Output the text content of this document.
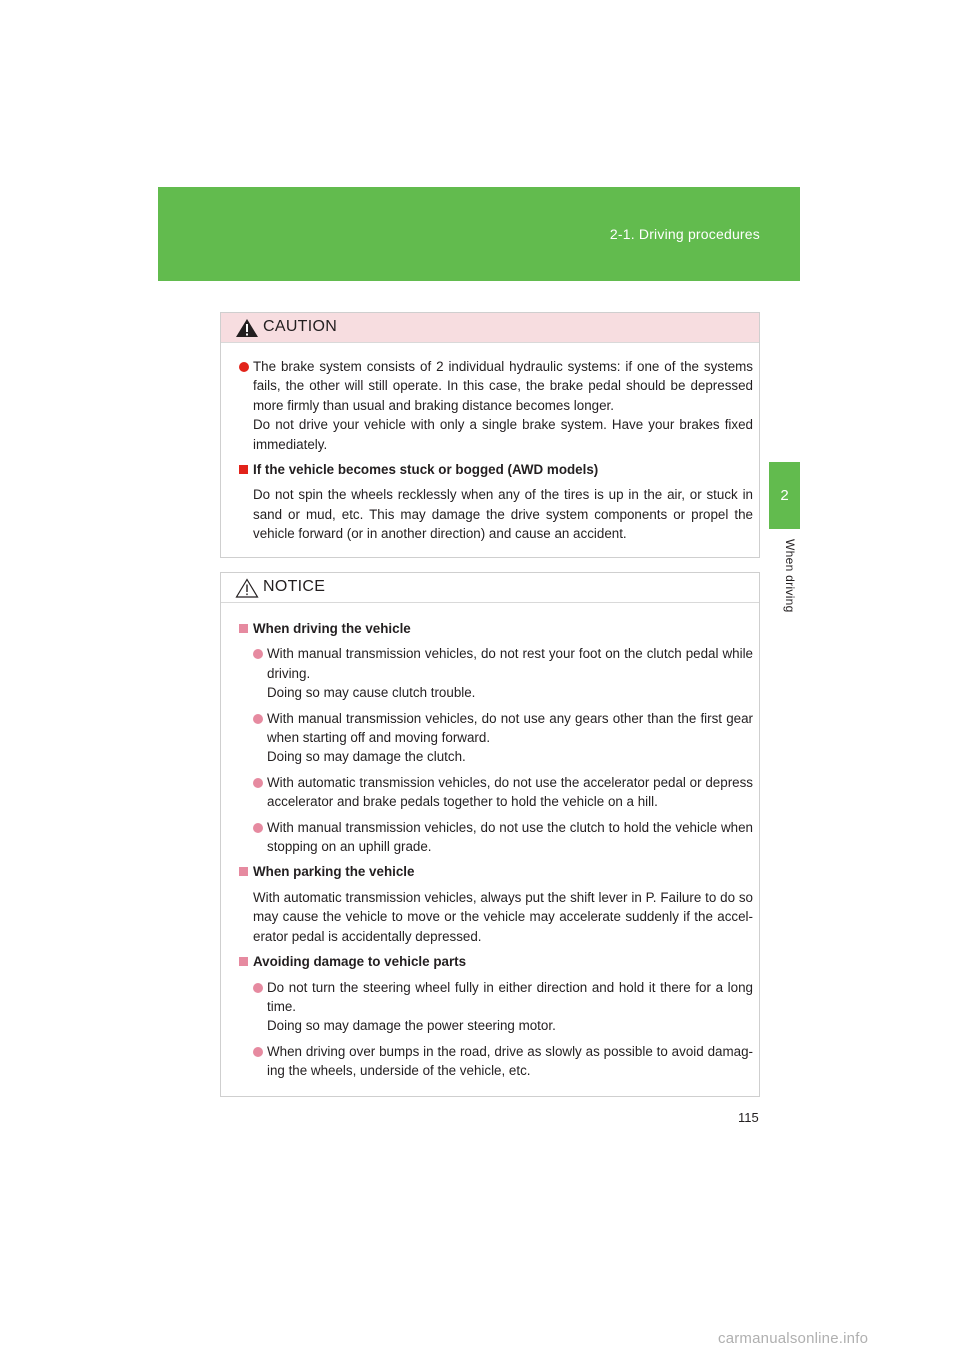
2-1. Driving procedures
2
When driving
CAUTION

The brake system consists of 2 individual hydraulic systems: if one of the systems fails, the other will still operate. In this case, the brake pedal should be depressed more firmly than usual and braking distance becomes longer.

Do not drive your vehicle with only a single brake system. Have your brakes fixed immediately.

If the vehicle becomes stuck or bogged (AWD models)

Do not spin the wheels recklessly when any of the tires is up in the air, or stuck in sand or mud, etc. This may damage the drive system components or propel the vehicle forward (or in another direction) and cause an accident.

NOTICE
When driving the vehicle

With manual transmission vehicles, do not rest your foot on the clutch pedal while driving.

Doing so may cause clutch trouble.

With manual transmission vehicles, do not use any gears other than the first gear when starting off and moving forward.

Doing so may damage the clutch.

With automatic transmission vehicles, do not use the accelerator pedal or depress accelerator and brake pedals together to hold the vehicle on a hill.

With manual transmission vehicles, do not use the clutch to hold the vehicle when stopping on an uphill grade.

When parking the vehicle

With automatic transmission vehicles, always put the shift lever in P. Failure to do so may cause the vehicle to move or the vehicle may accelerate suddenly if the accelerator pedal is accidentally depressed.

Avoiding damage to vehicle parts

Do not turn the steering wheel fully in either direction and hold it there for a long time.

Doing so may damage the power steering motor.

When driving over bumps in the road, drive as slowly as possible to avoid damaging the wheels, underside of the vehicle, etc.

115
carmanualsonline.info
